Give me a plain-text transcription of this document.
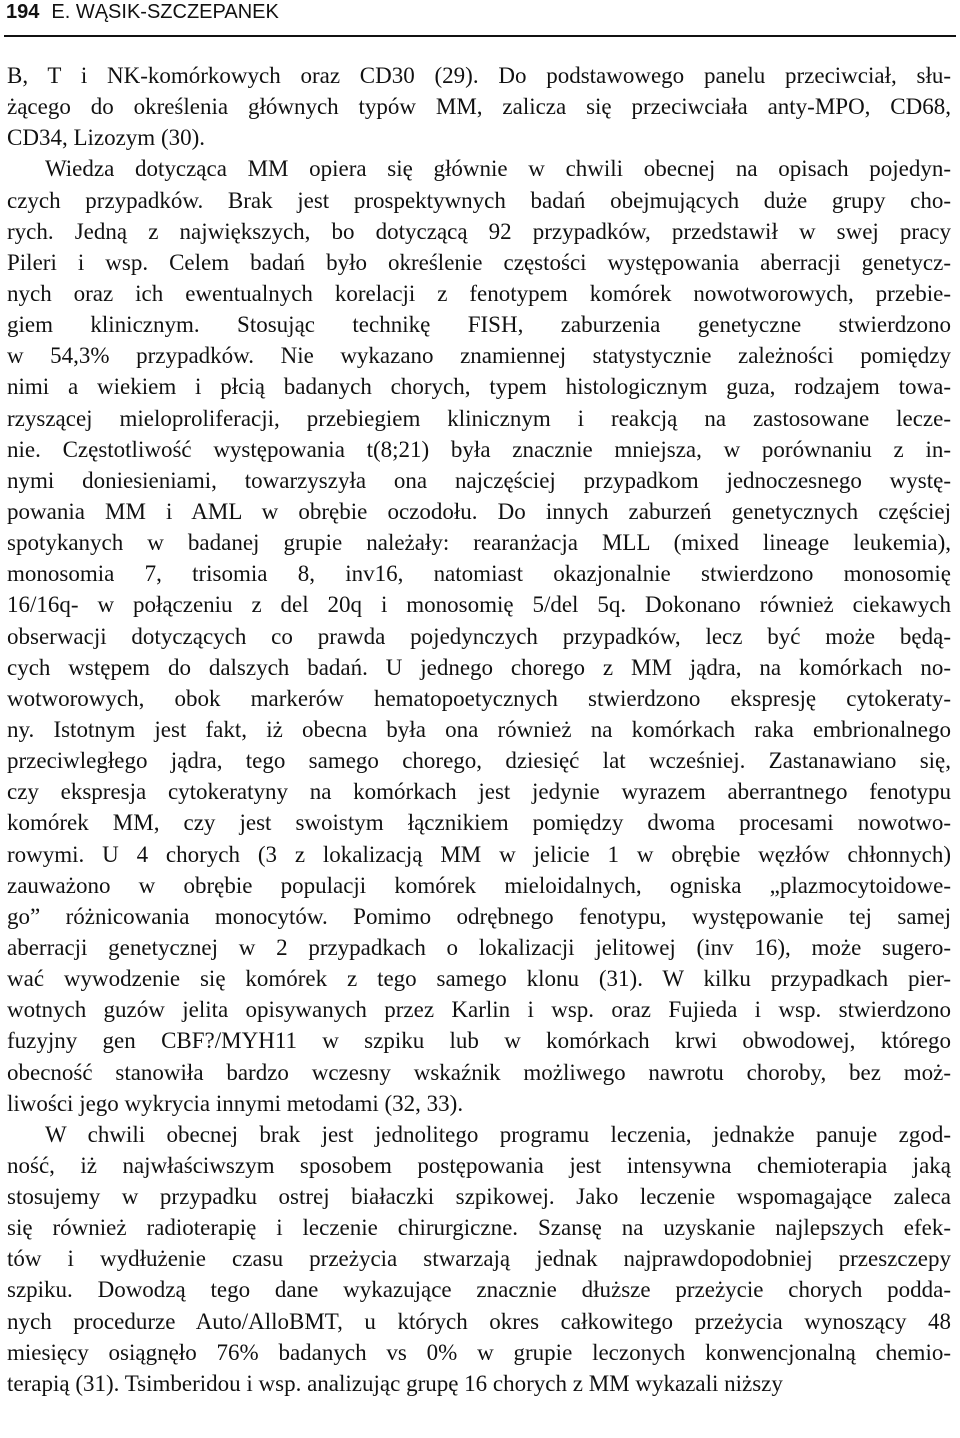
194 E. WĄSIK-SZCZEPANEK

B, T i NK-komórkowych oraz CD30 (29). Do podstawowego panelu przeciwciał, słu-
żącego do określenia głównych typów MM, zalicza się przeciwciała anty-MPO, CD68,
CD34, Lizozym (30).

Wiedza dotycząca MM opiera się głównie w chwili obecnej na opisach pojedyn-
czych przypadków. Brak jest prospektywnych badań obejmujących duże grupy cho-
rych. Jedną z największych, bo dotyczącą 92 przypadków, przedstawił w swej pracy
Pileri i wsp. Celem badań było określenie częstości występowania aberracji genetycz-
nych oraz ich ewentualnych korelacji z fenotypem komórek nowotworowych, przebie-
giem klinicznym. Stosując technikę FISH, zaburzenia genetyczne stwierdzono
w 54,3% przypadków. Nie wykazano znamiennej statystycznie zależności pomiędzy
nimi a wiekiem i płcią badanych chorych, typem histologicznym guza, rodzajem towa-
rzyszącej mieloproliferacji, przebiegiem klinicznym i reakcją na zastosowane lecze-
nie. Częstotliwość występowania t(8;21) była znacznie mniejsza, w porównaniu z in-
nymi doniesieniami, towarzyszyła ona najczęściej przypadkom jednoczesnego wystę-
powania MM i AML w obrębie oczodołu. Do innych zaburzeń genetycznych częściej
spotykanych w badanej grupie należały: rearanżacja MLL (mixed lineage leukemia),
monosomia 7, trisomia 8, inv16, natomiast okazjonalnie stwierdzono monosomię
16/16q- w połączeniu z del 20q i monosomię 5/del 5q. Dokonano również ciekawych
obserwacji dotyczących co prawda pojedynczych przypadków, lecz być może będą-
cych wstępem do dalszych badań. U jednego chorego z MM jądra, na komórkach no-
wotworowych, obok markerów hematopoetycznych stwierdzono ekspresję cytokeraty-
ny. Istotnym jest fakt, iż obecna była ona również na komórkach raka embrionalnego
przeciwległego jądra, tego samego chorego, dziesięć lat wcześniej. Zastanawiano się,
czy ekspresja cytokeratyny na komórkach jest jedynie wyrazem aberrantnego fenotypu
komórek MM, czy jest swoistym łącznikiem pomiędzy dwoma procesami nowotwo-
rowymi. U 4 chorych (3 z lokalizacją MM w jelicie 1 w obrębie węzłów chłonnych)
zauważono w obrębie populacji komórek mieloidalnych, ogniska „plazmocytoidowe-
go” różnicowania monocytów. Pomimo odrębnego fenotypu, występowanie tej samej
aberracji genetycznej w 2 przypadkach o lokalizacji jelitowej (inv 16), może sugero-
wać wywodzenie się komórek z tego samego klonu (31). W kilku przypadkach pier-
wotnych guzów jelita opisywanych przez Karlin i wsp. oraz Fujieda i wsp. stwierdzono
fuzyjny gen CBF?/MYH11 w szpiku lub w komórkach krwi obwodowej, którego
obecność stanowiła bardzo wczesny wskaźnik możliwego nawrotu choroby, bez moż-
liwości jego wykrycia innymi metodami (32, 33).

W chwili obecnej brak jest jednolitego programu leczenia, jednakże panuje zgod-
ność, iż najwłaściwszym sposobem postępowania jest intensywna chemioterapia jaką
stosujemy w przypadku ostrej białaczki szpikowej. Jako leczenie wspomagające zaleca
się również radioterapię i leczenie chirurgiczne. Szansę na uzyskanie najlepszych efek-
tów i wydłużenie czasu przeżycia stwarzają jednak najprawdopodobniej przeszczepy
szpiku. Dowodzą tego dane wykazujące znacznie dłuższe przeżycie chorych podda-
nych procedurze Auto/AlloBMT, u których okres całkowitego przeżycia wynoszący 48
miesięcy osiągnęło 76% badanych vs 0% w grupie leczonych konwencjonalną chemio-
terapią (31). Tsimberidou i wsp. analizując grupę 16 chorych z MM wykazali niższy
